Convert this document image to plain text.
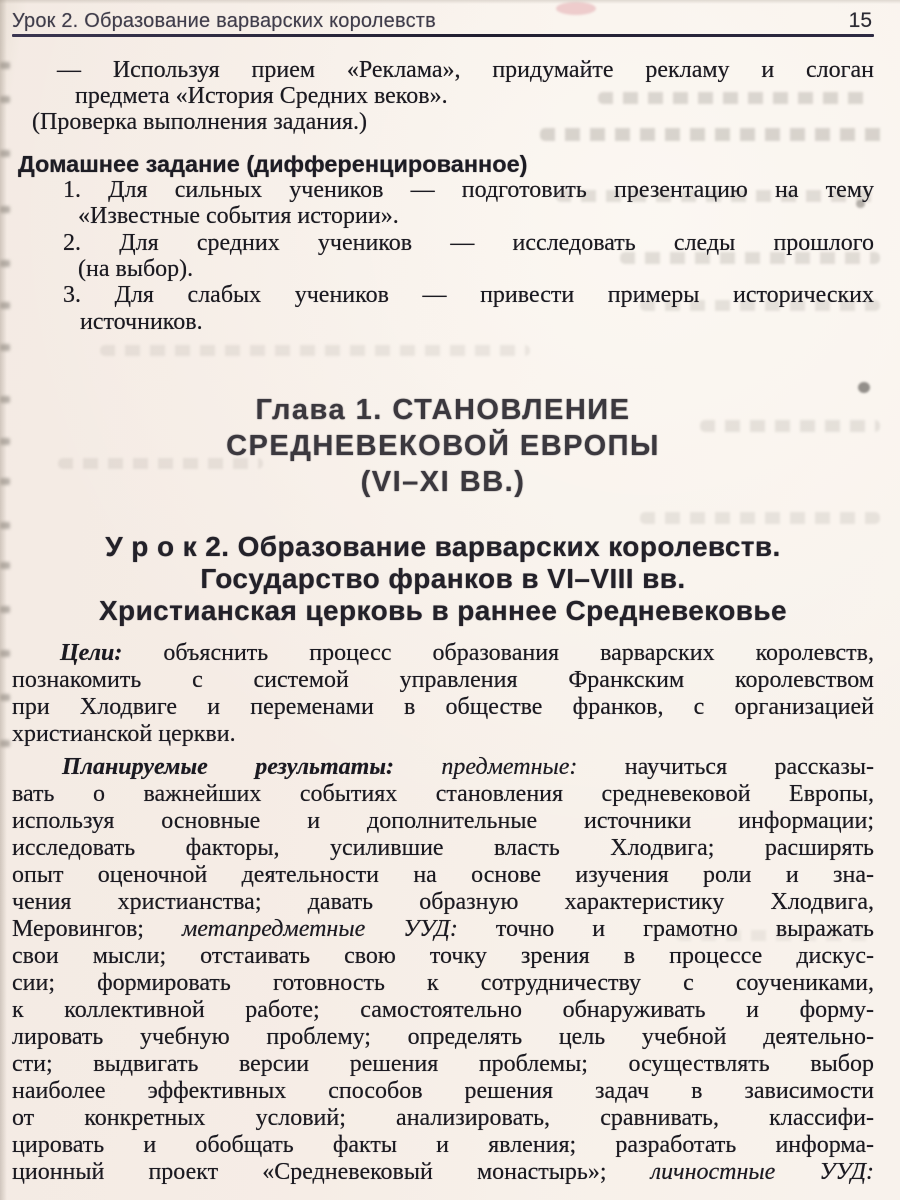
Урок 2. Образование варварских королевств	15
— Используя прием «Реклама», придумайте рекламу и слоган
предмета «История Средних веков».
(Проверка выполнения задания.)
Домашнее задание (дифференцированное)
1. Для сильных учеников — подготовить презентацию на тему
«Известные события истории».
2. Для средних учеников — исследовать следы прошлого
(на выбор).
3. Для слабых учеников — привести примеры исторических
источников.
Глава 1. СТАНОВЛЕНИЕ
СРЕДНЕВЕКОВОЙ ЕВРОПЫ
(VI–XI ВВ.)
У р о к 2. Образование варварских королевств.
Государство франков в VI–VIII вв.
Христианская церковь в раннее Средневековье
Цели: объяснить процесс образования варварских королевств,
познакомить с системой управления Франкским королевством
при Хлодвиге и переменами в обществе франков, с организацией
христианской церкви.
Планируемые результаты: предметные: научиться рассказы-
вать о важнейших событиях становления средневековой Европы,
используя основные и дополнительные источники информации;
исследовать факторы, усилившие власть Хлодвига; расширять
опыт оценочной деятельности на основе изучения роли и зна-
чения христианства; давать образную характеристику Хлодвига,
Меровингов; метапредметные УУД: точно и грамотно выражать
свои мысли; отстаивать свою точку зрения в процессе дискус-
сии; формировать готовность к сотрудничеству с соучениками,
к коллективной работе; самостоятельно обнаруживать и форму-
лировать учебную проблему; определять цель учебной деятельно-
сти; выдвигать версии решения проблемы; осуществлять выбор
наиболее эффективных способов решения задач в зависимости
от конкретных условий; анализировать, сравнивать, классифи-
цировать и обобщать факты и явления; разработать информа-
ционный проект «Средневековый монастырь»; личностные УУД:
